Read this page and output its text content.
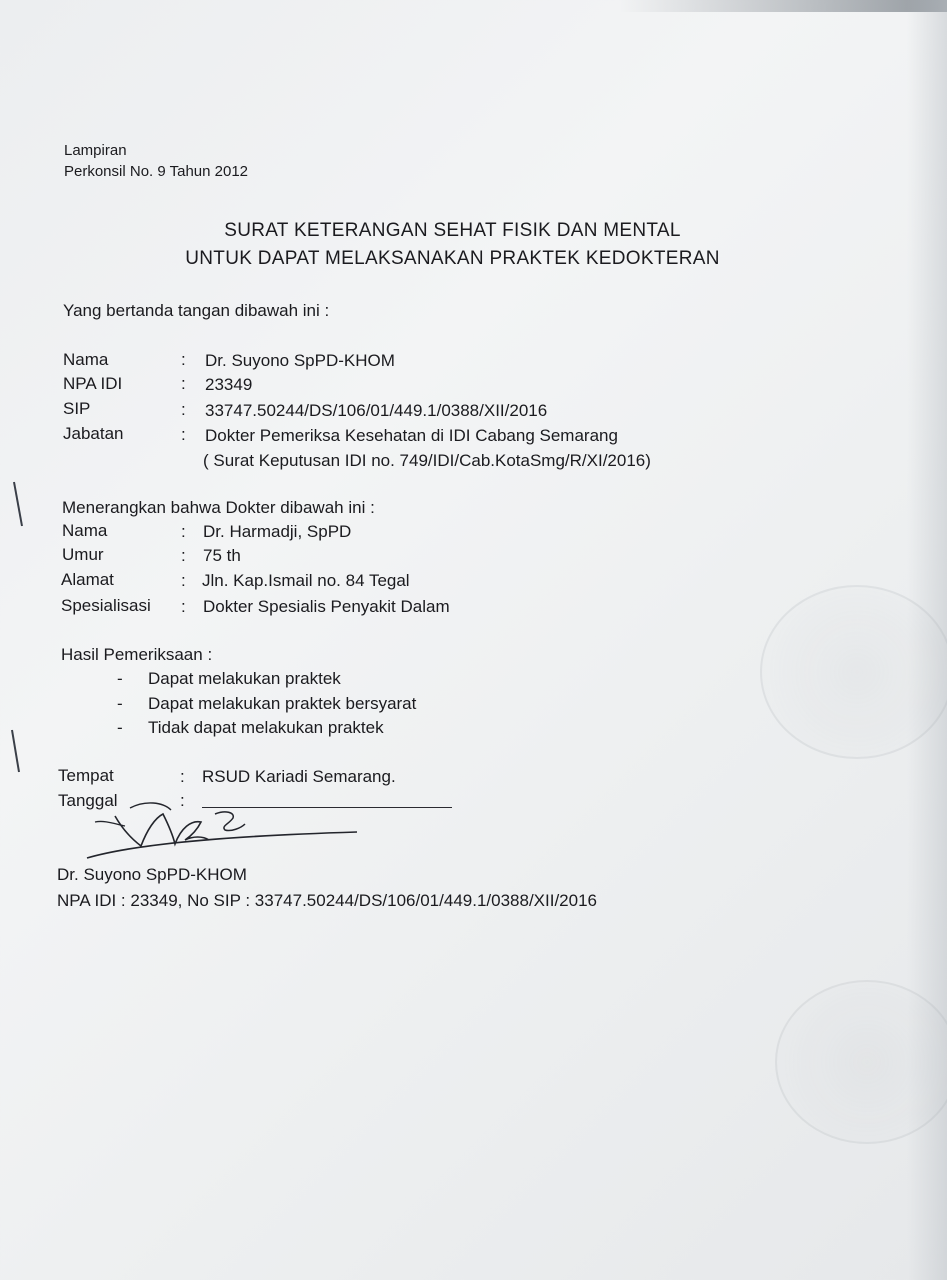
Lampiran
Perkonsil No. 9 Tahun 2012
SURAT KETERANGAN SEHAT FISIK DAN MENTAL
UNTUK DAPAT MELAKSANAKAN PRAKTEK KEDOKTERAN
Yang bertanda tangan dibawah ini :
Nama	: Dr. Suyono SpPD-KHOM
NPA IDI	: 23349
SIP	: 33747.50244/DS/106/01/449.1/0388/XII/2016
Jabatan	: Dokter Pemeriksa Kesehatan di IDI Cabang Semarang
( Surat Keputusan IDI no. 749/IDI/Cab.KotaSmg/R/XI/2016)
Menerangkan bahwa Dokter dibawah ini :
Nama	: Dr. Harmadji, SpPD
Umur	: 75 th
Alamat	: Jln. Kap.Ismail no. 84 Tegal
Spesialisasi : Dokter Spesialis Penyakit Dalam
Hasil Pemeriksaan :
- Dapat melakukan praktek
- Dapat melakukan praktek bersyarat
- Tidak dapat melakukan praktek
Tempat	: RSUD Kariadi Semarang.
Tanggal	:
Dr. Suyono SpPD-KHOM
NPA IDI : 23349, No SIP : 33747.50244/DS/106/01/449.1/0388/XII/2016
